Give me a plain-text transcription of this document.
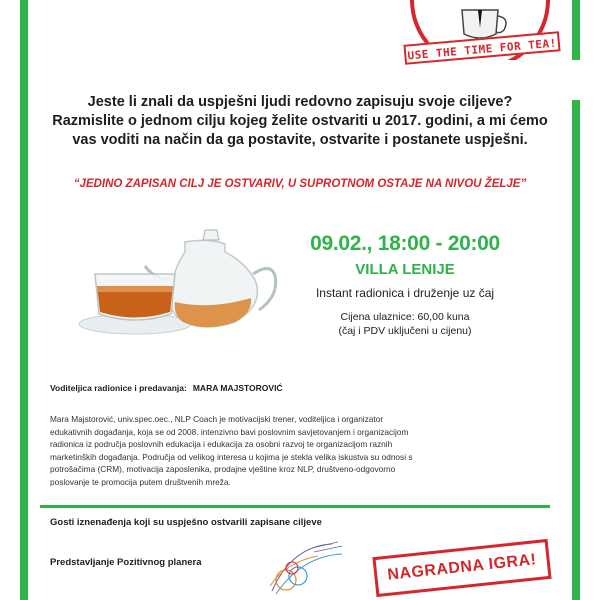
USE THE TIME FOR TEA!
Jeste li znali da uspješni ljudi redovno zapisuju svoje ciljeve?
Razmislite o jednom cilju kojeg želite ostvariti u 2017. godini, a mi ćemo
vas voditi na način da ga postavite, ostvarite i postanete uspješni.
“JEDINO ZAPISAN CILJ JE OSTVARIV, U SUPROTNOM OSTAJE NA NIVOU ŽELJE”
09.02., 18:00 - 20:00
VILLA LENIJE
Instant radionica i druženje uz čaj
Cijena ulaznice: 60,00 kuna
(čaj i PDV uključeni u cijenu)
Voditeljica radionice i predavanja: MARA MAJSTOROVIĆ
Mara Majstorović, univ.spec.oec., NLP Coach je motivacijski trener, voditeljica i organizator
edukativnih događanja, koja se od 2008. intenzivno bavi poslovnim savjetovanjem i organizacijom
radionica iz područja poslovnih edukacija i edukacija za osobni razvoj te organizacijom raznih
marketinških događanja. Područja od velikog interesa u kojima je stekla velika iskustva su odnosi s
potrošačima (CRM), motivacija zaposlenika, prodajne vještine kroz NLP, društveno-odgovorno
poslovanje te promocija putem društvenih mreža.
Gosti iznenađenja koji su uspješno ostvarili zapisane ciljeve
Predstavljanje Pozitivnog planera	NAGRADNA IGRA!
